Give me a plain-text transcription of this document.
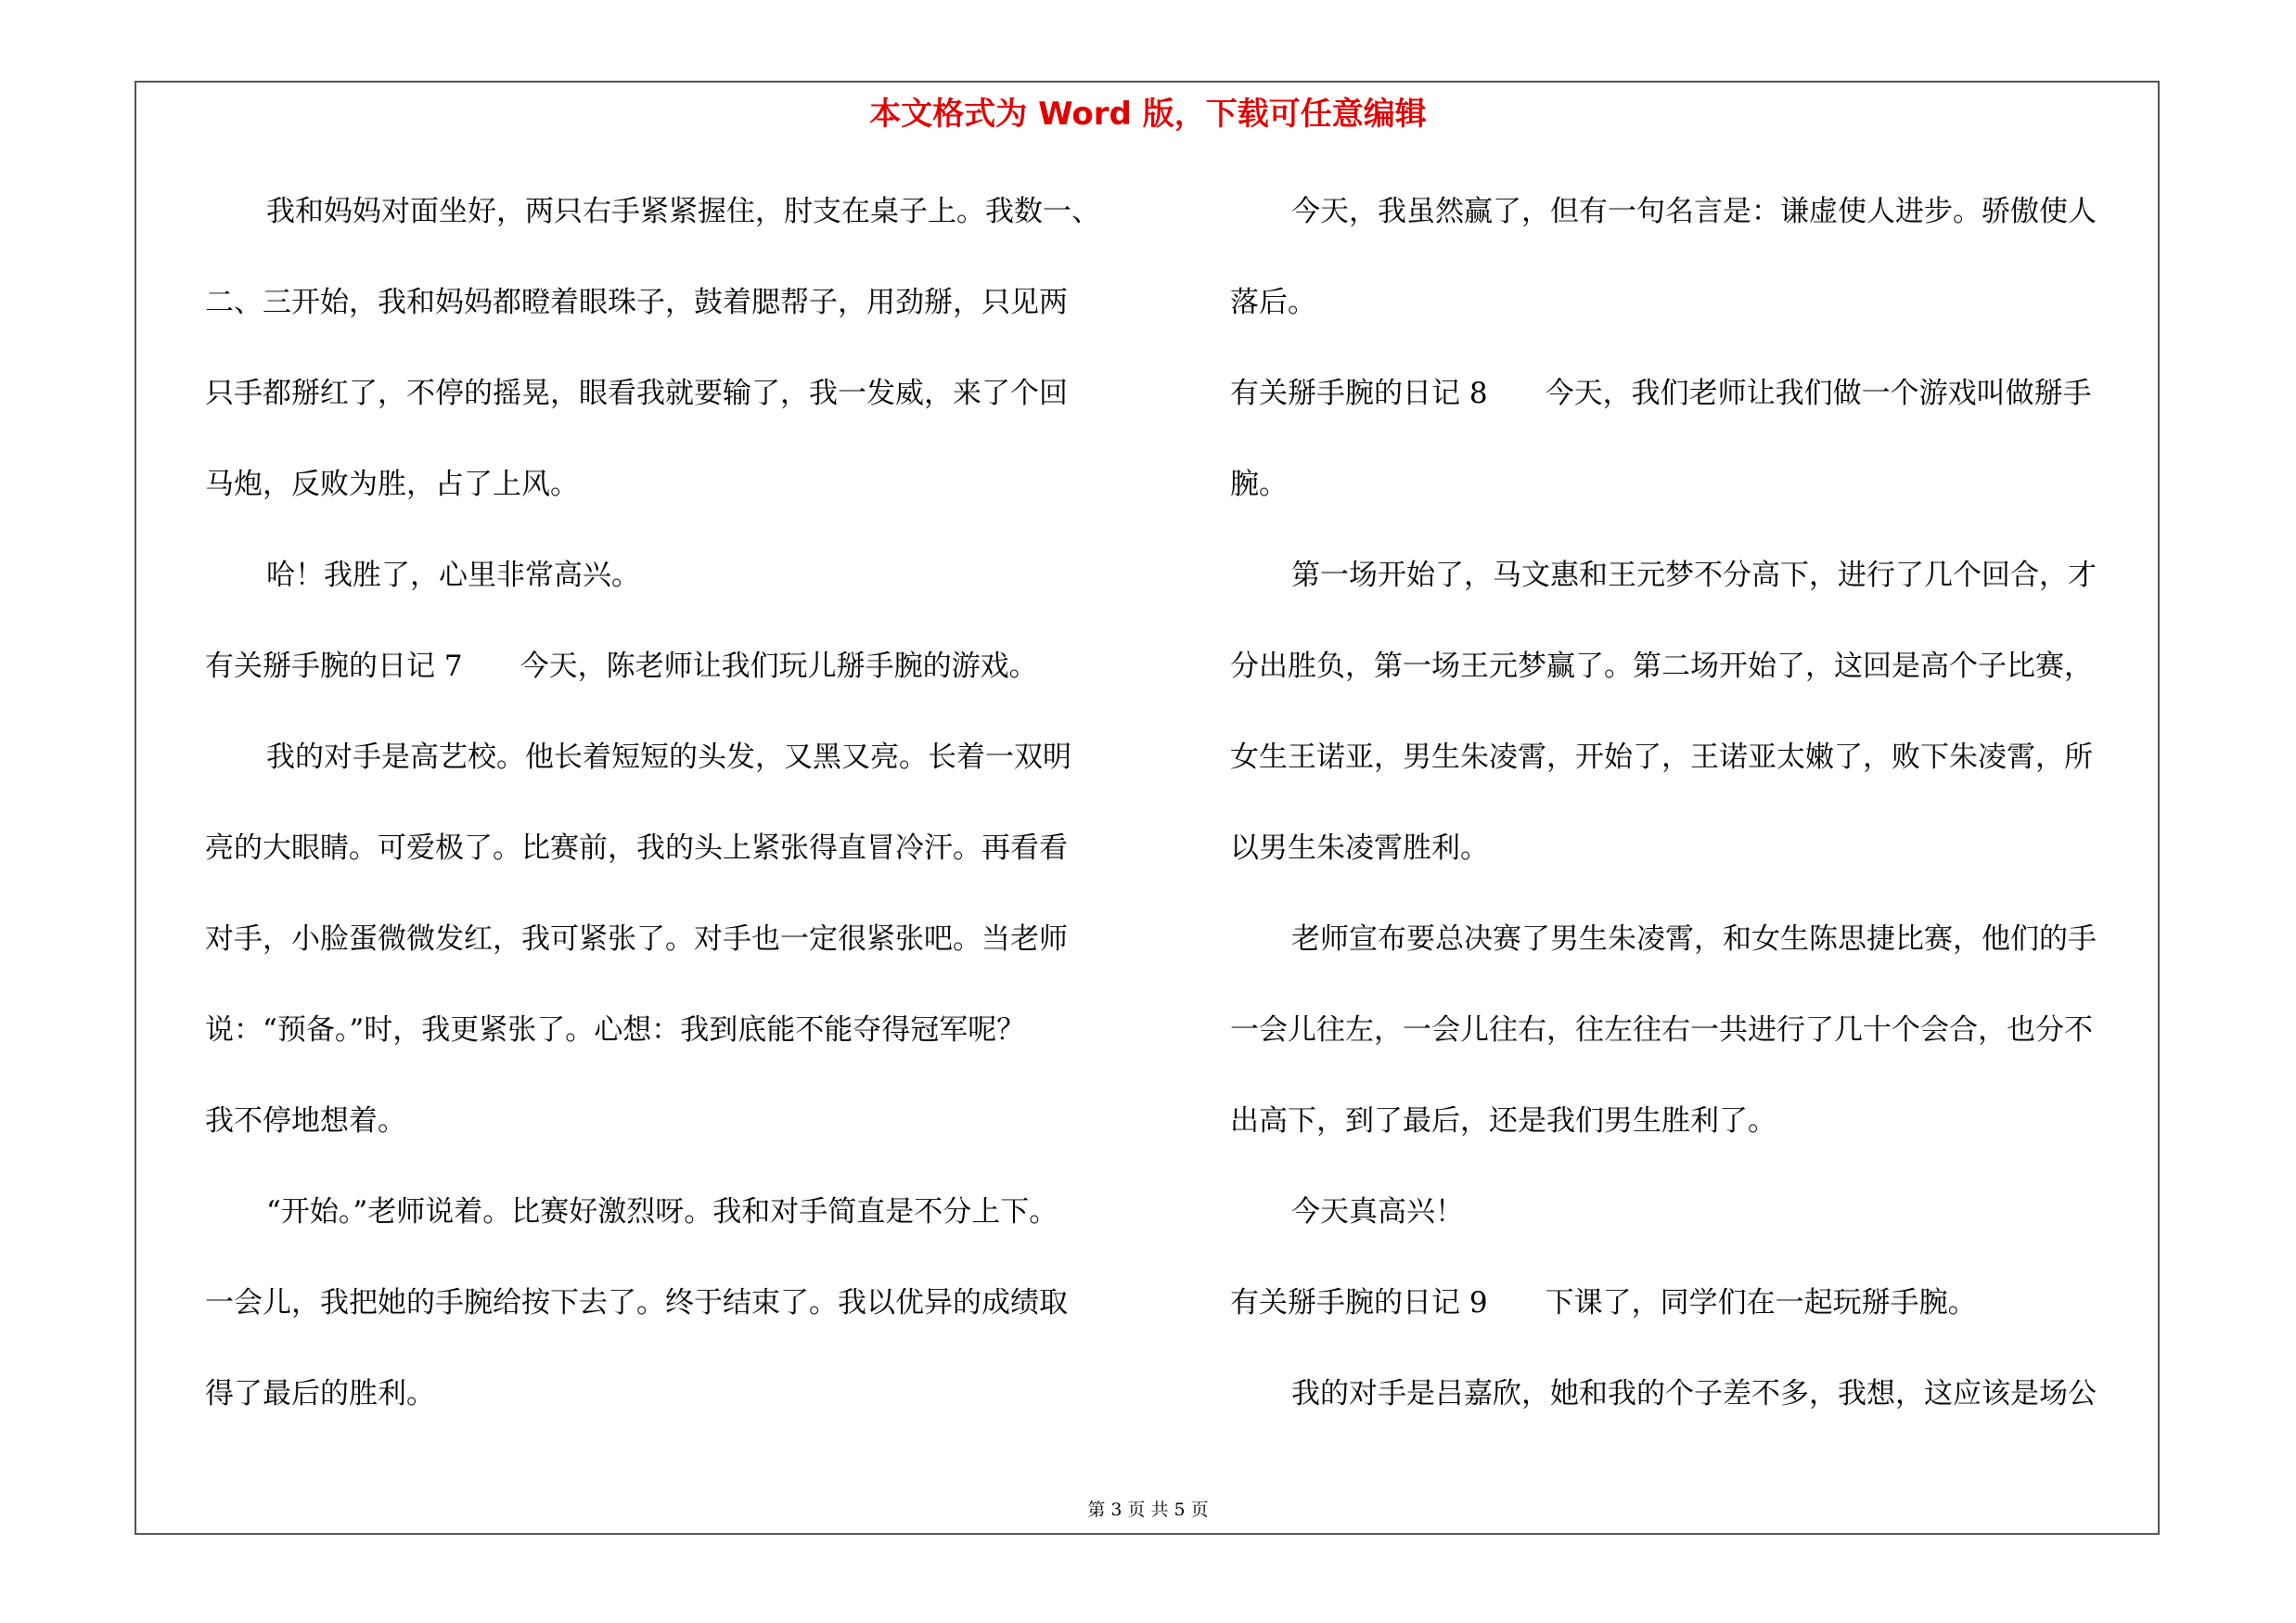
本文格式为 Word 版，下载可任意编辑
我和妈妈对面坐好，两只右手紧紧握住，肘支在桌子上。我数一、
二、三开始，我和妈妈都瞪着眼珠子，鼓着腮帮子，用劲掰，只见两
只手都掰红了，不停的摇晃，眼看我就要输了，我一发威，来了个回
马炮，反败为胜，占了上风。
哈！我胜了，心里非常高兴。
有关掰手腕的日记 7 今天，陈老师让我们玩儿掰手腕的游戏。
我的对手是高艺校。他长着短短的头发，又黑又亮。长着一双明
亮的大眼睛。可爱极了。比赛前，我的头上紧张得直冒冷汗。再看看
对手，小脸蛋微微发红，我可紧张了。对手也一定很紧张吧。当老师
说：“预备。”时，我更紧张了。心想：我到底能不能夺得冠军呢？
我不停地想着。
“开始。”老师说着。比赛好激烈呀。我和对手简直是不分上下。
一会儿，我把她的手腕给按下去了。终于结束了。我以优异的成绩取
得了最后的胜利。
今天，我虽然赢了，但有一句名言是：谦虚使人进步。骄傲使人
落后。
有关掰手腕的日记 8 今天，我们老师让我们做一个游戏叫做掰手
腕。
第一场开始了，马文惠和王元梦不分高下，进行了几个回合，才
分出胜负，第一场王元梦赢了。第二场开始了，这回是高个子比赛，
女生王诺亚，男生朱凌霄，开始了，王诺亚太嫩了，败下朱凌霄，所
以男生朱凌霄胜利。
老师宣布要总决赛了男生朱凌霄，和女生陈思捷比赛，他们的手
一会儿往左，一会儿往右，往左往右一共进行了几十个会合，也分不
出高下，到了最后，还是我们男生胜利了。
今天真高兴！
有关掰手腕的日记 9 下课了，同学们在一起玩掰手腕。
我的对手是吕嘉欣，她和我的个子差不多，我想，这应该是场公
第 3 页 共 5 页
